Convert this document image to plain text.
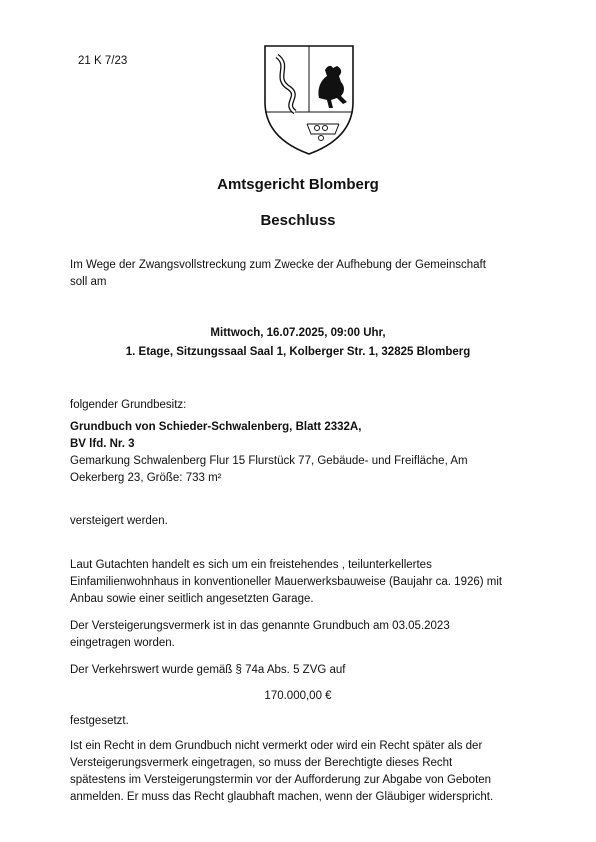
21 K 7/23
Amtsgericht Blomberg
Beschluss
Im Wege der Zwangsvollstreckung zum Zwecke der Aufhebung der Gemeinschaft
soll am
Mittwoch, 16.07.2025, 09:00 Uhr,
1. Etage, Sitzungssaal Saal 1, Kolberger Str. 1, 32825 Blomberg
folgender Grundbesitz:
Grundbuch von Schieder-Schwalenberg, Blatt 2332A,
BV lfd. Nr. 3
Gemarkung Schwalenberg Flur 15 Flurstück 77, Gebäude- und Freifläche, Am
Oekerberg 23, Größe: 733 m²
versteigert werden.
Laut Gutachten handelt es sich um ein freistehendes , teilunterkellertes
Einfamilienwohnhaus in konventioneller Mauerwerksbauweise (Baujahr ca. 1926) mit
Anbau sowie einer seitlich angesetzten Garage.
Der Versteigerungsvermerk ist in das genannte Grundbuch am 03.05.2023
eingetragen worden.
Der Verkehrswert wurde gemäß § 74a Abs. 5 ZVG auf
170.000,00 €
festgesetzt.
Ist ein Recht in dem Grundbuch nicht vermerkt oder wird ein Recht später als der
Versteigerungsvermerk eingetragen, so muss der Berechtigte dieses Recht
spätestens im Versteigerungstermin vor der Aufforderung zur Abgabe von Geboten
anmelden. Er muss das Recht glaubhaft machen, wenn der Gläubiger widerspricht.
